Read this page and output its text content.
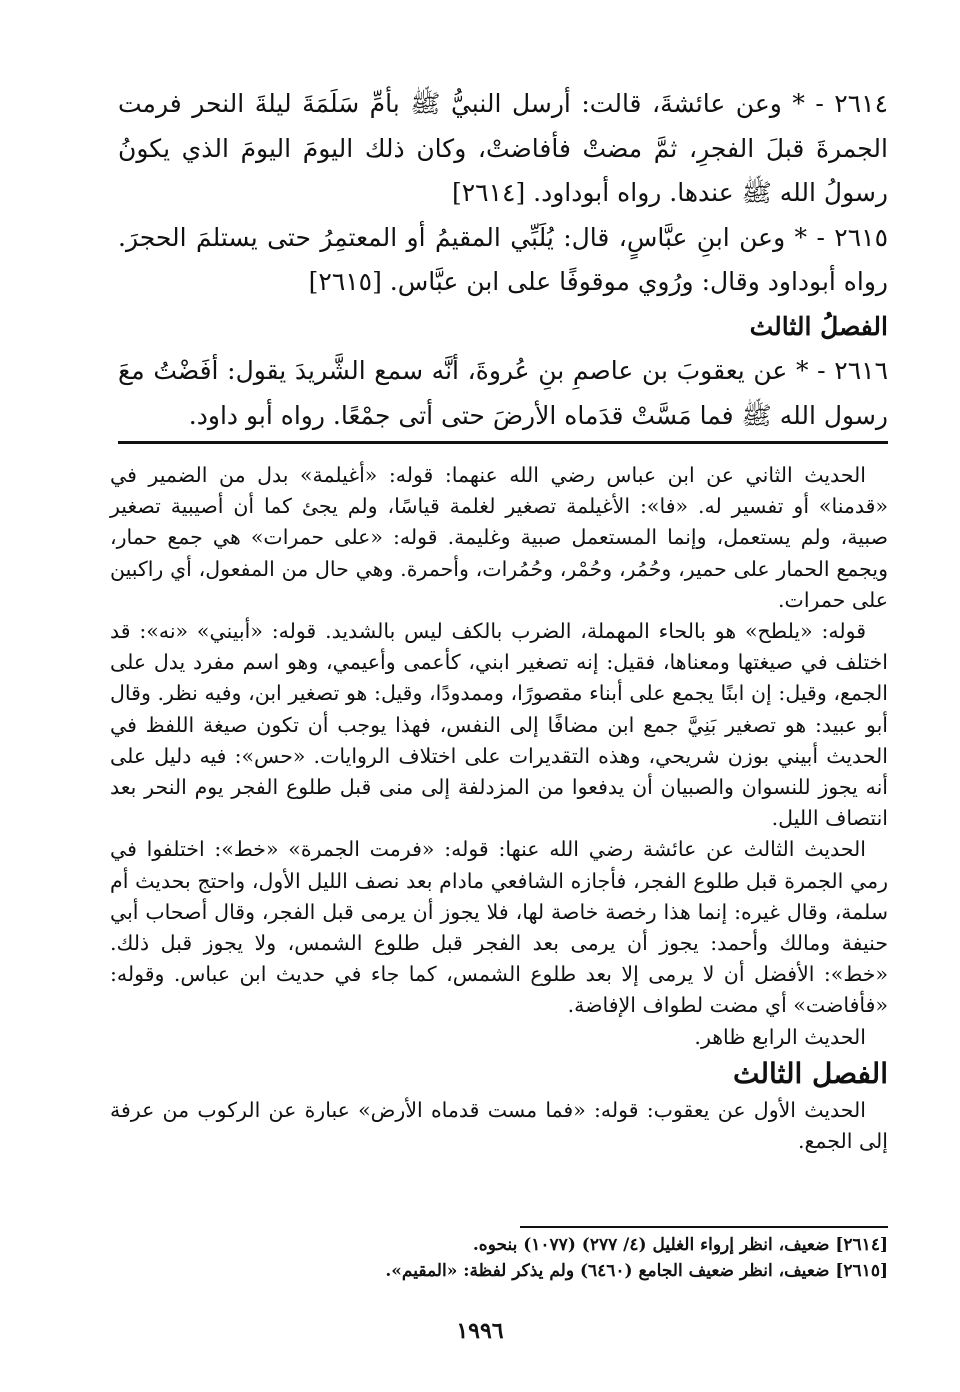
٢٦١٤ - * وعن عائشةَ، قالت: أرسل النبيُّ ﷺ بأمِّ سَلَمَةَ ليلةَ النحر فرمت الجمرةَ قبلَ الفجرِ، ثمَّ مضتْ فأفاضتْ، وكان ذلك اليومَ اليومَ الذي يكونُ رسولُ الله ﷺ عندها. رواه أبوداود. [٢٦١٤]

٢٦١٥ - * وعن ابنِ عبَّاسٍ، قال: يُلَبِّي المقيمُ أو المعتمِرُ حتى يستلمَ الحجرَ. رواه أبوداود وقال: ورُوي موقوفًا على ابن عبَّاس. [٢٦١٥]

الفصلُ الثالث

٢٦١٦ - * عن يعقوبَ بن عاصمِ بنِ عُروةَ، أنَّه سمع الشَّريدَ يقول: أفَضْتُ معَ رسول الله ﷺ فما مَسَّتْ قدَماه الأرضَ حتى أتى جمْعًا. رواه أبو داود.

الحديث الثاني عن ابن عباس رضي الله عنهما: قوله: «أغيلمة» بدل من الضمير في «قدمنا» أو تفسير له. «فا»: الأغيلمة تصغير لغلمة قياسًا، ولم يجئ كما أن أصيبية تصغير صبية، ولم يستعمل، وإنما المستعمل صبية وغليمة. قوله: «على حمرات» هي جمع حمار، ويجمع الحمار على حمير، وحُمُر، وحُمْر، وحُمُرات، وأحمرة. وهي حال من المفعول، أي راكبين على حمرات.

قوله: «يلطح» هو بالحاء المهملة، الضرب بالكف ليس بالشديد. قوله: «أبيني» «نه»: قد اختلف في صيغتها ومعناها، فقيل: إنه تصغير ابني، كأعمى وأعيمي، وهو اسم مفرد يدل على الجمع، وقيل: إن ابنًا يجمع على أبناء مقصورًا، وممدودًا، وقيل: هو تصغير ابن، وفيه نظر. وقال أبو عبيد: هو تصغير بَنِيَّ جمع ابن مضافًا إلى النفس، فهذا يوجب أن تكون صيغة اللفظ في الحديث أبيني بوزن شريحي، وهذه التقديرات على اختلاف الروايات. «حس»: فيه دليل على أنه يجوز للنسوان والصبيان أن يدفعوا من المزدلفة إلى منى قبل طلوع الفجر يوم النحر بعد انتصاف الليل.

الحديث الثالث عن عائشة رضي الله عنها: قوله: «فرمت الجمرة» «خط»: اختلفوا في رمي الجمرة قبل طلوع الفجر، فأجازه الشافعي مادام بعد نصف الليل الأول، واحتج بحديث أم سلمة، وقال غيره: إنما هذا رخصة خاصة لها، فلا يجوز أن يرمى قبل الفجر، وقال أصحاب أبي حنيفة ومالك وأحمد: يجوز أن يرمى بعد الفجر قبل طلوع الشمس، ولا يجوز قبل ذلك. «خط»: الأفضل أن لا يرمى إلا بعد طلوع الشمس، كما جاء في حديث ابن عباس. وقوله: «فأفاضت» أي مضت لطواف الإفاضة.

الحديث الرابع ظاهر.

الفصل الثالث

الحديث الأول عن يعقوب: قوله: «فما مست قدماه الأرض» عبارة عن الركوب من عرفة إلى الجمع.

[٢٦١٤] ضعيف، انظر إرواء الغليل (٤/ ٢٧٧) (١٠٧٧) بنحوه.

[٢٦١٥] ضعيف، انظر ضعيف الجامع (٦٤٦٠) ولم يذكر لفظة: «المقيم».

١٩٩٦
